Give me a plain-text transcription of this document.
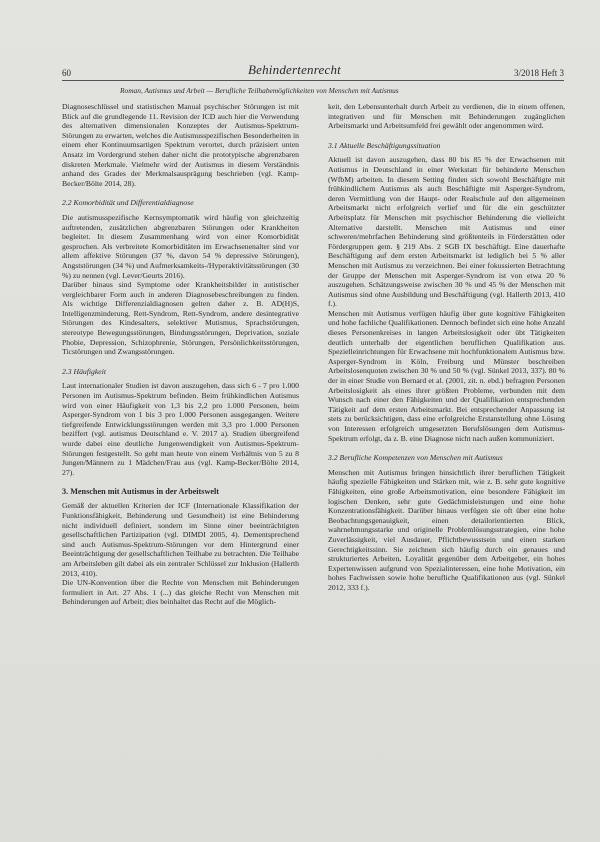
60	Behindertenrecht	3/2018 Heft 3
Roman, Autismus und Arbeit — Berufliche Teilhabemöglichkeiten von Menschen mit Autismus

Diagnoseschlüssel und statistischen Manual psychischer Störungen ist mit Blick auf die grundlegende 11. Revision der ICD auch hier die Verwendung des alternativen dimensionalen Konzeptes der Autismus-Spektrum-Störungen zu erwarten, welches die Autismusspezifischen Besonderheiten in einem eher Kontinuumsartigen Spektrum verortet, durch präzisiert unten Ansatz im Vordergrund stehen daher nicht die prototypische abgrenzbaren diskreten Merkmale. Vielmehr wird der Autismus in diesem Verständnis anhand des Grades der Merkmalsausprägung beschrieben (vgl. Kamp-Becker/Bölte 2014, 28).

2.2 Komorbidität und Differentialdiagnose

Die autismusspezifische Kernsymptomatik wird häufig von gleichzeitig auftretenden, zusätzlichen abgrenzbaren Störungen oder Krankheiten begleitet. In diesem Zusammenhang wird von einer Komorbidität gesprochen. Als verbreitete Komorbiditäten im Erwachsenenalter sind vor allem affektive Störungen (37 %, davon 54 % depressive Störungen), Angststörungen (34 %) und Aufmerksamkeits-/Hyperaktivitätsstörungen (30 %) zu nennen (vgl. Lever/Geurts 2016).

Darüber hinaus sind Symptome oder Krankheitsbilder in autistischer vergleichbarer Form auch in anderen Diagnosebeschreibungen zu finden. Als wichtige Differenzialdiagnosen gelten daher z. B. AD(H)S, Intelligenzminderung, Rett-Syndrom, Rett-Syndrom, andere desintegrative Störungen des Kindesalters, selektiver Mutismus, Sprachstörungen, stereotype Bewegungsstörungen, Bindungsstörungen, Deprivation, soziale Phobie, Depression, Schizophrenie, Störungen, Persönlichkeitsstörungen, Ticstörungen und Zwangsstörungen.

2.3 Häufigkeit

Laut internationaler Studien ist davon auszugehen, dass sich 6 - 7 pro 1.000 Personen im Autismus-Spektrum befinden. Beim frühkindlichen Autismus wird von einer Häufigkeit von 1,3 bis 2,2 pro 1.000 Personen, beim Asperger-Syndrom von 1 bis 3 pro 1.000 Personen ausgegangen. Weitere tiefgreifende Entwicklungsstörungen werden mit 3,3 pro 1.000 Personen beziffert (vgl. autismus Deutschland e. V. 2017 a). Studien übergreifend wurde dabei eine deutliche Jungenwendigkeit von Autismus-Spektrum-Störungen festgestellt. So geht man heute von einem Verhältnis von 5 zu 8 Jungen/Männern zu 1 Mädchen/Frau aus (vgl. Kamp-Becker/Bölte 2014, 27).

3. Menschen mit Autismus in der Arbeitswelt

Gemäß der aktuellen Kriterien der ICF (Internationale Klassifikation der Funktionsfähigkeit, Behinderung und Gesundheit) ist eine Behinderung nicht individuell definiert, sondern im Sinne einer beeinträchtigten gesellschaftlichen Partizipation (vgl. DIMDI 2005, 4). Dementsprechend sind auch Autismus-Spektrum-Störungen vor dem Hintergrund einer Beeinträchtigung der gesellschaftlichen Teilhabe zu betrachten. Die Teilhabe am Arbeitsleben gilt dabei als ein zentraler Schlüssel zur Inklusion (Hallerth 2013, 410).

Die UN-Konvention über die Rechte von Menschen mit Behinderungen formuliert in Art. 27 Abs. 1 (...) das gleiche Recht von Menschen mit Behinderungen auf Arbeit; dies beinhaltet das Recht auf die Möglich-

keit, den Lebensunterhalt durch Arbeit zu verdienen, die in einem offenen, integrativen und für Menschen mit Behinderungen zugänglichen Arbeitsmarkt und Arbeitsumfeld frei gewählt oder angenommen wird.

3.1 Aktuelle Beschäftigungssituation

Aktuell ist davon auszugehen, dass 80 bis 85 % der Erwachsenen mit Autismus in Deutschland in einer Werkstatt für behinderte Menschen (WfbM) arbeiten. In diesem Setting finden sich sowohl Beschäftigte mit frühkindlichem Autismus als auch Beschäftigte mit Asperger-Syndrom, deren Vermittlung von der Haupt- oder Realschule auf den allgemeinen Arbeitsmarkt nicht erfolgreich verlief und für die ein geschützter Arbeitsplatz für Menschen mit psychischer Behinderung die vielleicht Alternative darstellt. Menschen mit Autismus und einer schweren/mehrfachen Behinderung sind größtenteils in Förderstätten oder Fördergruppen gem. § 219 Abs. 2 SGB IX beschäftigt. Eine dauerhafte Beschäftigung auf dem ersten Arbeitsmarkt ist lediglich bei 5 % aller Menschen mit Autismus zu verzeichnen. Bei einer fokussierten Betrachtung der Gruppe der Menschen mit Asperger-Syndrom ist von etwa 20 % auszugehen. Schätzungsweise zwischen 30 % und 45 % der Menschen mit Autismus sind ohne Ausbildung und Beschäftigung (vgl. Hallerth 2013, 410 f.).

Menschen mit Autismus verfügen häufig über gute kognitive Fähigkeiten und hohe fachliche Qualifikationen. Dennoch befindet sich eine hohe Anzahl dieses Personenkreises in langen Arbeitslosigkeit oder übt Tätigkeiten deutlich unterhalb der eigentlichen beruflichen Qualifikation aus. Spezielleinrichtungen für Erwachsene mit hochfunktionalem Autismus bzw. Asperger-Syndrom in Köln, Freiburg und Münster beschreiben Arbeitslosenquoten zwischen 30 % und 50 % (vgl. Sünkel 2013, 337). 80 % der in einer Studie von Bernard et al. (2001, zit. n. ebd.) befragten Personen Arbeitslosigkeit als eines ihrer größten Probleme, verbunden mit dem Wunsch nach einer den Fähigkeiten und der Qualifikation entsprechenden Tätigkeit auf dem ersten Arbeitsmarkt. Bei entsprechender Anpassung ist stets zu berücksichtigen, dass eine erfolgreiche Erstanstellung ohne Lösung von Interessen erfolgreich umgesetzten Berufslösungen dem Autismus-Spektrum erfolgt, da z. B. eine Diagnose nicht nach außen kommuniziert.

3.2 Berufliche Kompetenzen von Menschen mit Autismus

Menschen mit Autismus bringen hinsichtlich ihrer beruflichen Tätigkeit häufig spezielle Fähigkeiten und Stärken mit, wie z. B. sehr gute kognitive Fähigkeiten, eine große Arbeitsmotivation, eine besondere Fähigkeit im logischen Denken, sehr gute Gedächtnisleistungen und eine hohe Konzentrationsfähigkeit. Darüber hinaus verfügen sie oft über eine hohe Beobachtungsgenauigkeit, einen detailorientierten Blick, wahrnehmungsstarke und originelle Problemlösungsstrategien, eine hohe Zuverlässigkeit, viel Ausdauer, Pflichtbewusstsein und einen starken Gerechtigkeitssinn. Sie zeichnen sich häufig durch ein genaues und strukturiertes Arbeiten, Loyalität gegenüber dem Arbeitgeber, ein hohes Expertenwissen aufgrund von Spezialinteressen, eine hohe Motivation, ein hohes Fachwissen sowie hohe berufliche Qualifikationen aus (vgl. Sünkel 2012, 333 f.).
